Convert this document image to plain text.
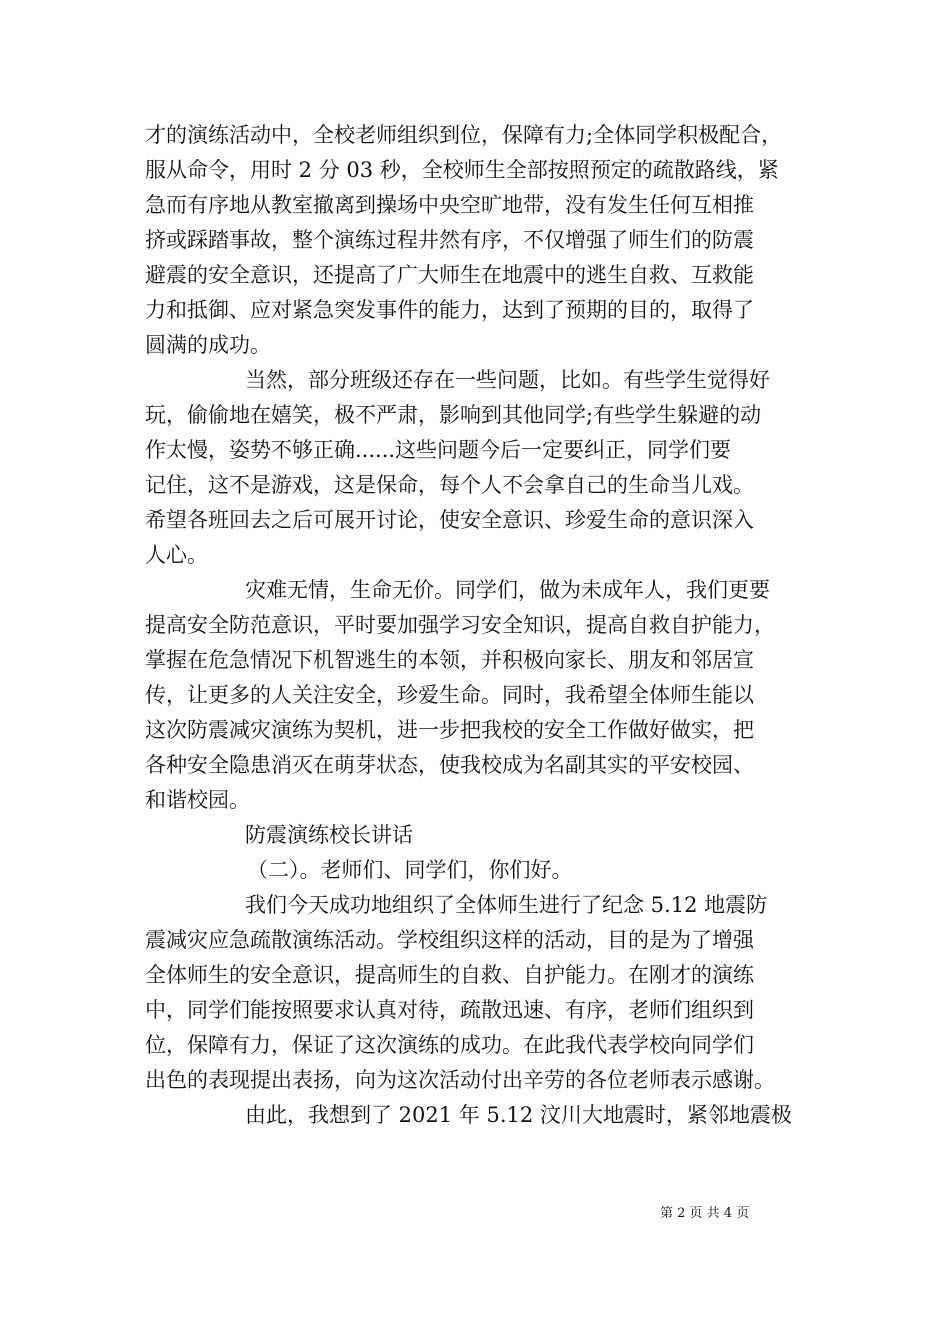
才的演练活动中，全校老师组织到位，保障有力;全体同学积极配合，
服从命令，用时 2 分 03 秒，全校师生全部按照预定的疏散路线，紧
急而有序地从教室撤离到操场中央空旷地带，没有发生任何互相推
挤或踩踏事故，整个演练过程井然有序，不仅增强了师生们的防震
避震的安全意识，还提高了广大师生在地震中的逃生自救、互救能
力和抵御、应对紧急突发事件的能力，达到了预期的目的，取得了
圆满的成功。
当然，部分班级还存在一些问题，比如。有些学生觉得好
玩，偷偷地在嬉笑，极不严肃，影响到其他同学;有些学生躲避的动
作太慢，姿势不够正确......这些问题今后一定要纠正，同学们要
记住，这不是游戏，这是保命，每个人不会拿自己的生命当儿戏。
希望各班回去之后可展开讨论，使安全意识、珍爱生命的意识深入
人心。
灾难无情，生命无价。同学们，做为未成年人，我们更要
提高安全防范意识，平时要加强学习安全知识，提高自救自护能力，
掌握在危急情况下机智逃生的本领，并积极向家长、朋友和邻居宣
传，让更多的人关注安全，珍爱生命。同时，我希望全体师生能以
这次防震减灾演练为契机，进一步把我校的安全工作做好做实，把
各种安全隐患消灭在萌芽状态，使我校成为名副其实的平安校园、
和谐校园。
防震演练校长讲话
（二）。老师们、同学们，你们好。
我们今天成功地组织了全体师生进行了纪念 5.12 地震防
震减灾应急疏散演练活动。学校组织这样的活动，目的是为了增强
全体师生的安全意识，提高师生的自救、自护能力。在刚才的演练
中，同学们能按照要求认真对待，疏散迅速、有序，老师们组织到
位，保障有力，保证了这次演练的成功。在此我代表学校向同学们
出色的表现提出表扬，向为这次活动付出辛劳的各位老师表示感谢。
由此，我想到了 2021 年 5.12 汶川大地震时，紧邻地震极
第 2 页 共 4 页
